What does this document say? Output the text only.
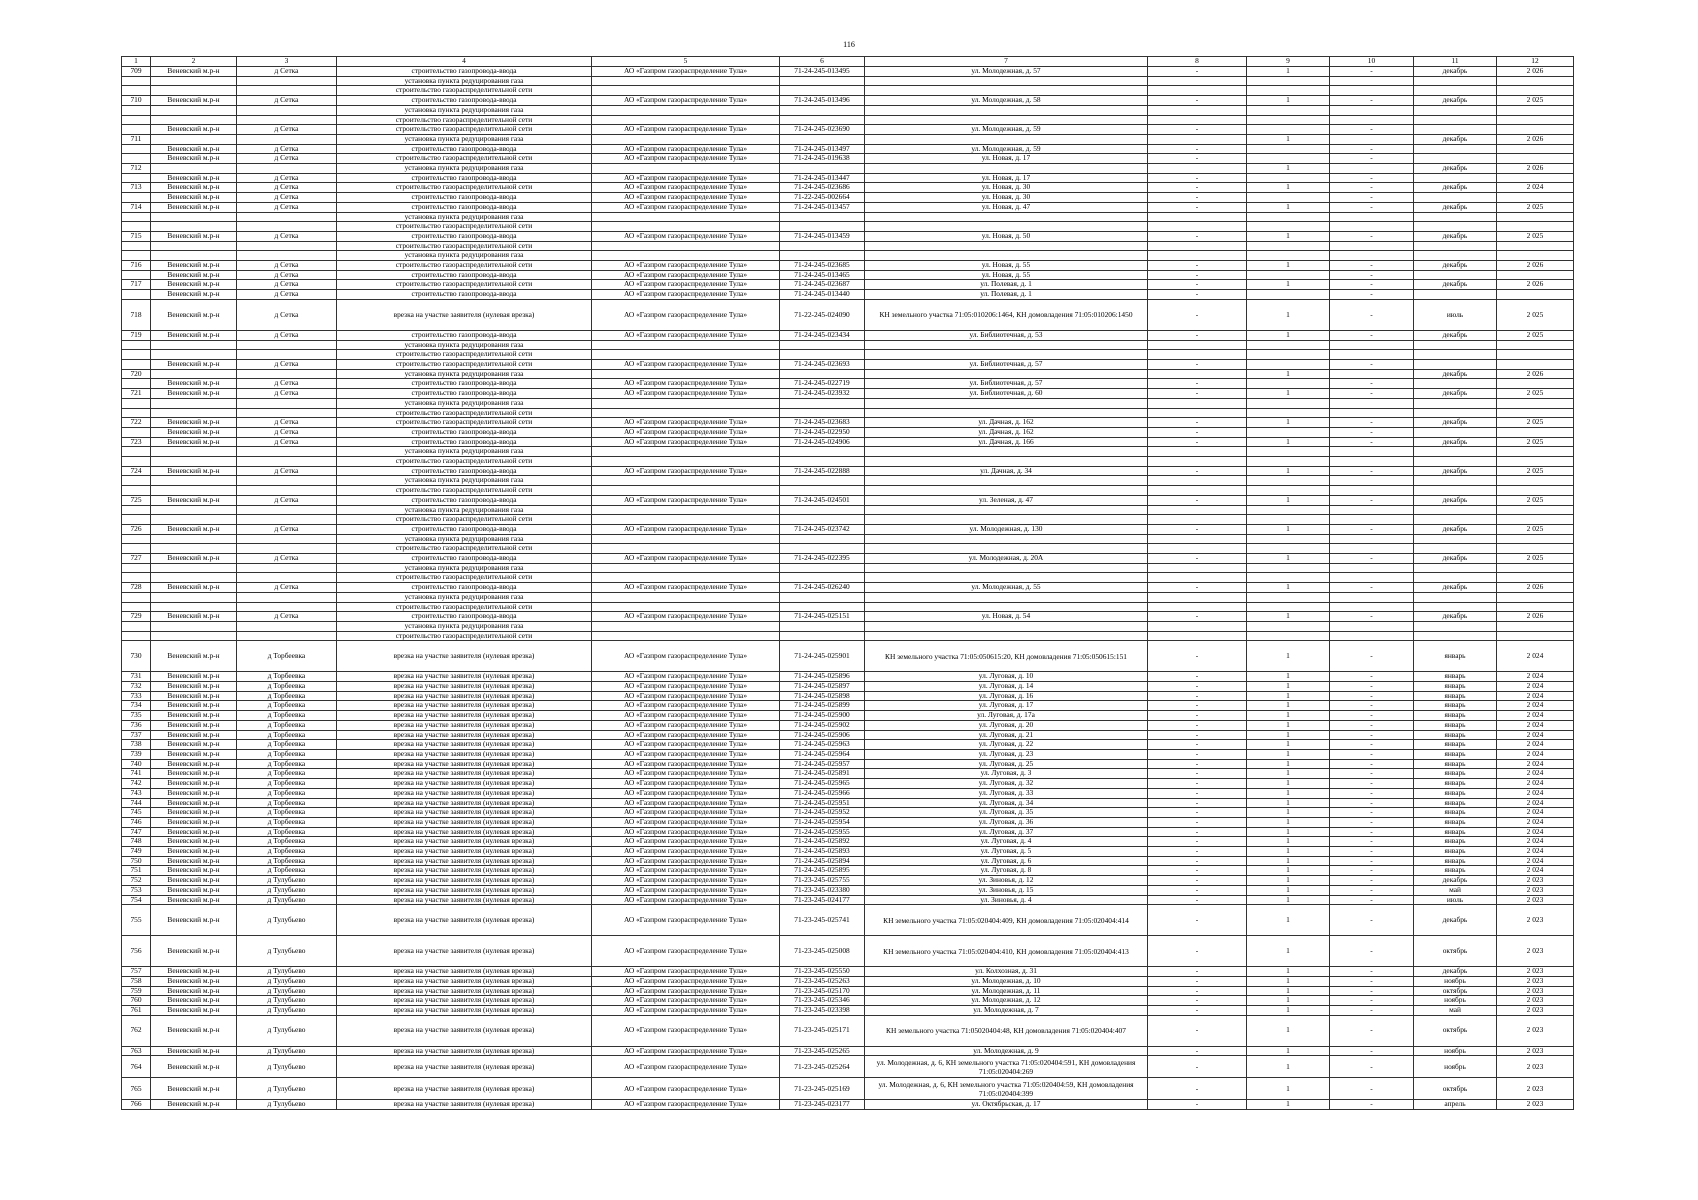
116
1	2	3	4	5	6	7	8	9	10	11	12
709	Веневский м.р-н	д Сетка	строительство газопровода-ввода	АО «Газпром газораспределение Тула»	71-24-245-013495	ул. Молодежная, д. 57	-	1	-	декабрь	2 026
			установка пункта редуцирования газа								
			строительство газораспределительной сети								
710	Веневский м.р-н	д Сетка	строительство газопровода-ввода	АО «Газпром газораспределение Тула»	71-24-245-013496	ул. Молодежная, д. 58	-	1	-	декабрь	2 025
			установка пункта редуцирования газа								
			строительство газораспределительной сети								
	Веневский м.р-н	д Сетка	строительство газораспределительной сети	АО «Газпром газораспределение Тула»	71-24-245-023690	ул. Молодежная, д. 59	-		-		
711			установка пункта редуцирования газа					1		декабрь	2 026
	Веневский м.р-н	д Сетка	строительство газопровода-ввода	АО «Газпром газораспределение Тула»	71-24-245-013497	ул. Молодежная, д. 59	-		-		
	Веневский м.р-н	д Сетка	строительство газораспределительной сети	АО «Газпром газораспределение Тула»	71-24-245-019638	ул. Новая, д. 17	-		-		
712			установка пункта редуцирования газа					1		декабрь	2 026
	Веневский м.р-н	д Сетка	строительство газопровода-ввода	АО «Газпром газораспределение Тула»	71-24-245-013447	ул. Новая, д. 17	-		-		
713	Веневский м.р-н	д Сетка	строительство газораспределительной сети	АО «Газпром газораспределение Тула»	71-24-245-023686	ул. Новая, д. 30	-	1	-	декабрь	2 024
	Веневский м.р-н	д Сетка	строительство газопровода-ввода	АО «Газпром газораспределение Тула»	71-22-245-002664	ул. Новая, д. 30	-		-		
714	Веневский м.р-н	д Сетка	строительство газопровода-ввода	АО «Газпром газораспределение Тула»	71-24-245-013457	ул. Новая, д. 47	-	1	-	декабрь	2 025
			установка пункта редуцирования газа								
			строительство газораспределительной сети								
715	Веневский м.р-н	д Сетка	строительство газопровода-ввода	АО «Газпром газораспределение Тула»	71-24-245-013459	ул. Новая, д. 50	-	1	-	декабрь	2 025
			строительство газораспределительной сети								
			установка пункта редуцирования газа								
716	Веневский м.р-н	д Сетка	строительство газораспределительной сети	АО «Газпром газораспределение Тула»	71-24-245-023685	ул. Новая, д. 55	-	1	-	декабрь	2 026
	Веневский м.р-н	д Сетка	строительство газопровода-ввода	АО «Газпром газораспределение Тула»	71-24-245-013465	ул. Новая, д. 55	-		-		
717	Веневский м.р-н	д Сетка	строительство газораспределительной сети	АО «Газпром газораспределение Тула»	71-24-245-023687	ул. Полевая, д. 1	-	1	-	декабрь	2 026
	Веневский м.р-н	д Сетка	строительство газопровода-ввода	АО «Газпром газораспределение Тула»	71-24-245-013440	ул. Полевая, д. 1	-		-		
718	Веневский м.р-н	д Сетка	врезка на участке заявителя (нулевая врезка)	АО «Газпром газораспределение Тула»	71-22-245-024090	КН земельного участка 71:05:010206:1464, КН домовладения 71:05:010206:1450	-	1	-	июль	2 025
719	Веневский м.р-н	д Сетка	строительство газопровода-ввода	АО «Газпром газораспределение Тула»	71-24-245-023434	ул. Библиотечная, д. 53	-	1	-	декабрь	2 025
			установка пункта редуцирования газа								
			строительство газораспределительной сети								
	Веневский м.р-н	д Сетка	строительство газораспределительной сети	АО «Газпром газораспределение Тула»	71-24-245-023693	ул. Библиотечная, д. 57	-		-		
720			установка пункта редуцирования газа					1		декабрь	2 026
	Веневский м.р-н	д Сетка	строительство газопровода-ввода	АО «Газпром газораспределение Тула»	71-24-245-022719	ул. Библиотечная, д. 57	-		-		
721	Веневский м.р-н	д Сетка	строительство газопровода-ввода	АО «Газпром газораспределение Тула»	71-24-245-023932	ул. Библиотечная, д. 60	-	1	-	декабрь	2 025
			установка пункта редуцирования газа								
			строительство газораспределительной сети								
722	Веневский м.р-н	д Сетка	строительство газораспределительной сети	АО «Газпром газораспределение Тула»	71-24-245-023683	ул. Дачная, д. 162	-	1	-	декабрь	2 025
	Веневский м.р-н	д Сетка	строительство газопровода-ввода	АО «Газпром газораспределение Тула»	71-24-245-022950	ул. Дачная, д. 162	-		-		
723	Веневский м.р-н	д Сетка	строительство газопровода-ввода	АО «Газпром газораспределение Тула»	71-24-245-024906	ул. Дачная, д. 166	-	1	-	декабрь	2 025
			установка пункта редуцирования газа								
			строительство газораспределительной сети								
724	Веневский м.р-н	д Сетка	строительство газопровода-ввода	АО «Газпром газораспределение Тула»	71-24-245-022888	ул. Дачная, д. 34	-	1	-	декабрь	2 025
			установка пункта редуцирования газа								
			строительство газораспределительной сети								
725	Веневский м.р-н	д Сетка	строительство газопровода-ввода	АО «Газпром газораспределение Тула»	71-24-245-024501	ул. Зеленая, д. 47	-	1	-	декабрь	2 025
			установка пункта редуцирования газа								
			строительство газораспределительной сети								
726	Веневский м.р-н	д Сетка	строительство газопровода-ввода	АО «Газпром газораспределение Тула»	71-24-245-023742	ул. Молодежная, д. 130	-	1	-	декабрь	2 025
			установка пункта редуцирования газа								
			строительство газораспределительной сети								
727	Веневский м.р-н	д Сетка	строительство газопровода-ввода	АО «Газпром газораспределение Тула»	71-24-245-022395	ул. Молодежная, д. 20А	-	1	-	декабрь	2 025
			установка пункта редуцирования газа								
			строительство газораспределительной сети								
728	Веневский м.р-н	д Сетка	строительство газопровода-ввода	АО «Газпром газораспределение Тула»	71-24-245-026240	ул. Молодежная, д. 55	-	1	-	декабрь	2 026
			установка пункта редуцирования газа								
			строительство газораспределительной сети								
729	Веневский м.р-н	д Сетка	строительство газопровода-ввода	АО «Газпром газораспределение Тула»	71-24-245-025151	ул. Новая, д. 54	-	1	-	декабрь	2 026
			установка пункта редуцирования газа								
			строительство газораспределительной сети								
730	Веневский м.р-н	д Торбеевка	врезка на участке заявителя (нулевая врезка)	АО «Газпром газораспределение Тула»	71-24-245-025901	КН земельного участка 71:05:050615:20, КН домовладения 71:05:050615:151	-	1	-	январь	2 024
731	Веневский м.р-н	д Торбеевка	врезка на участке заявителя (нулевая врезка)	АО «Газпром газораспределение Тула»	71-24-245-025896	ул. Луговая, д. 10	-	1	-	январь	2 024
732	Веневский м.р-н	д Торбеевка	врезка на участке заявителя (нулевая врезка)	АО «Газпром газораспределение Тула»	71-24-245-025897	ул. Луговая, д. 14	-	1	-	январь	2 024
733	Веневский м.р-н	д Торбеевка	врезка на участке заявителя (нулевая врезка)	АО «Газпром газораспределение Тула»	71-24-245-025898	ул. Луговая, д. 16	-	1	-	январь	2 024
734	Веневский м.р-н	д Торбеевка	врезка на участке заявителя (нулевая врезка)	АО «Газпром газораспределение Тула»	71-24-245-025899	ул. Луговая, д. 17	-	1	-	январь	2 024
735	Веневский м.р-н	д Торбеевка	врезка на участке заявителя (нулевая врезка)	АО «Газпром газораспределение Тула»	71-24-245-025900	ул. Луговая, д. 17а	-	1	-	январь	2 024
736	Веневский м.р-н	д Торбеевка	врезка на участке заявителя (нулевая врезка)	АО «Газпром газораспределение Тула»	71-24-245-025902	ул. Луговая, д. 20	-	1	-	январь	2 024
737	Веневский м.р-н	д Торбеевка	врезка на участке заявителя (нулевая врезка)	АО «Газпром газораспределение Тула»	71-24-245-025906	ул. Луговая, д. 21	-	1	-	январь	2 024
738	Веневский м.р-н	д Торбеевка	врезка на участке заявителя (нулевая врезка)	АО «Газпром газораспределение Тула»	71-24-245-025963	ул. Луговая, д. 22	-	1	-	январь	2 024
739	Веневский м.р-н	д Торбеевка	врезка на участке заявителя (нулевая врезка)	АО «Газпром газораспределение Тула»	71-24-245-025964	ул. Луговая, д. 23	-	1	-	январь	2 024
740	Веневский м.р-н	д Торбеевка	врезка на участке заявителя (нулевая врезка)	АО «Газпром газораспределение Тула»	71-24-245-025957	ул. Луговая, д. 25	-	1	-	январь	2 024
741	Веневский м.р-н	д Торбеевка	врезка на участке заявителя (нулевая врезка)	АО «Газпром газораспределение Тула»	71-24-245-025891	ул. Луговая, д. 3	-	1	-	январь	2 024
742	Веневский м.р-н	д Торбеевка	врезка на участке заявителя (нулевая врезка)	АО «Газпром газораспределение Тула»	71-24-245-025965	ул. Луговая, д. 32	-	1	-	январь	2 024
743	Веневский м.р-н	д Торбеевка	врезка на участке заявителя (нулевая врезка)	АО «Газпром газораспределение Тула»	71-24-245-025966	ул. Луговая, д. 33	-	1	-	январь	2 024
744	Веневский м.р-н	д Торбеевка	врезка на участке заявителя (нулевая врезка)	АО «Газпром газораспределение Тула»	71-24-245-025951	ул. Луговая, д. 34	-	1	-	январь	2 024
745	Веневский м.р-н	д Торбеевка	врезка на участке заявителя (нулевая врезка)	АО «Газпром газораспределение Тула»	71-24-245-025952	ул. Луговая, д. 35	-	1	-	январь	2 024
746	Веневский м.р-н	д Торбеевка	врезка на участке заявителя (нулевая врезка)	АО «Газпром газораспределение Тула»	71-24-245-025954	ул. Луговая, д. 36	-	1	-	январь	2 024
747	Веневский м.р-н	д Торбеевка	врезка на участке заявителя (нулевая врезка)	АО «Газпром газораспределение Тула»	71-24-245-025955	ул. Луговая, д. 37	-	1	-	январь	2 024
748	Веневский м.р-н	д Торбеевка	врезка на участке заявителя (нулевая врезка)	АО «Газпром газораспределение Тула»	71-24-245-025892	ул. Луговая, д. 4	-	1	-	январь	2 024
749	Веневский м.р-н	д Торбеевка	врезка на участке заявителя (нулевая врезка)	АО «Газпром газораспределение Тула»	71-24-245-025893	ул. Луговая, д. 5	-	1	-	январь	2 024
750	Веневский м.р-н	д Торбеевка	врезка на участке заявителя (нулевая врезка)	АО «Газпром газораспределение Тула»	71-24-245-025894	ул. Луговая, д. 6	-	1	-	январь	2 024
751	Веневский м.р-н	д Торбеевка	врезка на участке заявителя (нулевая врезка)	АО «Газпром газораспределение Тула»	71-24-245-025895	ул. Луговая, д. 8	-	1	-	январь	2 024
752	Веневский м.р-н	д Тулубьево	врезка на участке заявителя (нулевая врезка)	АО «Газпром газораспределение Тула»	71-23-245-025755	ул. Зиновья, д. 12	-	1	-	декабрь	2 023
753	Веневский м.р-н	д Тулубьево	врезка на участке заявителя (нулевая врезка)	АО «Газпром газораспределение Тула»	71-23-245-023380	ул. Зиновья, д. 15	-	1	-	май	2 023
754	Веневский м.р-н	д Тулубьево	врезка на участке заявителя (нулевая врезка)	АО «Газпром газораспределение Тула»	71-23-245-024177	ул. Зиновья, д. 4	-	1	-	июль	2 023
755	Веневский м.р-н	д Тулубьево	врезка на участке заявителя (нулевая врезка)	АО «Газпром газораспределение Тула»	71-23-245-025741	КН земельного участка 71:05:020404:409, КН домовладения 71:05:020404:414	-	1	-	декабрь	2 023
756	Веневский м.р-н	д Тулубьево	врезка на участке заявителя (нулевая врезка)	АО «Газпром газораспределение Тула»	71-23-245-025008	КН земельного участка 71:05:020404:410, КН домовладения 71:05:020404:413	-	1	-	октябрь	2 023
757	Веневский м.р-н	д Тулубьево	врезка на участке заявителя (нулевая врезка)	АО «Газпром газораспределение Тула»	71-23-245-025550	ул. Колхозная, д. 31	-	1	-	декабрь	2 023
758	Веневский м.р-н	д Тулубьево	врезка на участке заявителя (нулевая врезка)	АО «Газпром газораспределение Тула»	71-23-245-025263	ул. Молодежная, д. 10	-	1	-	ноябрь	2 023
759	Веневский м.р-н	д Тулубьево	врезка на участке заявителя (нулевая врезка)	АО «Газпром газораспределение Тула»	71-23-245-025170	ул. Молодежная, д. 11	-	1	-	октябрь	2 023
760	Веневский м.р-н	д Тулубьево	врезка на участке заявителя (нулевая врезка)	АО «Газпром газораспределение Тула»	71-23-245-025346	ул. Молодежная, д. 12	-	1	-	ноябрь	2 023
761	Веневский м.р-н	д Тулубьево	врезка на участке заявителя (нулевая врезка)	АО «Газпром газораспределение Тула»	71-23-245-023398	ул. Молодежная, д. 7	-	1	-	май	2 023
762	Веневский м.р-н	д Тулубьево	врезка на участке заявителя (нулевая врезка)	АО «Газпром газораспределение Тула»	71-23-245-025171	КН земельного участка 71:05020404:48, КН домовладения 71:05:020404:407	-	1	-	октябрь	2 023
763	Веневский м.р-н	д Тулубьево	врезка на участке заявителя (нулевая врезка)	АО «Газпром газораспределение Тула»	71-23-245-025265	ул. Молодежная, д. 9	-	1	-	ноябрь	2 023
764	Веневский м.р-н	д Тулубьево	врезка на участке заявителя (нулевая врезка)	АО «Газпром газораспределение Тула»	71-23-245-025264	ул. Молодежная, д. 6, КН земельного участка 71:05:020404:591, КН домовладения 71:05:020404:269	-	1	-	ноябрь	2 023
765	Веневский м.р-н	д Тулубьево	врезка на участке заявителя (нулевая врезка)	АО «Газпром газораспределение Тула»	71-23-245-025169	ул. Молодежная, д. 6, КН земельного участка 71:05:020404:59, КН домовладения 71:05:020404:399	-	1	-	октябрь	2 023
766	Веневский м.р-н	д Тулубьево	врезка на участке заявителя (нулевая врезка)	АО «Газпром газораспределение Тула»	71-23-245-023177	ул. Октябрьская, д. 17	-	1	-	апрель	2 023
